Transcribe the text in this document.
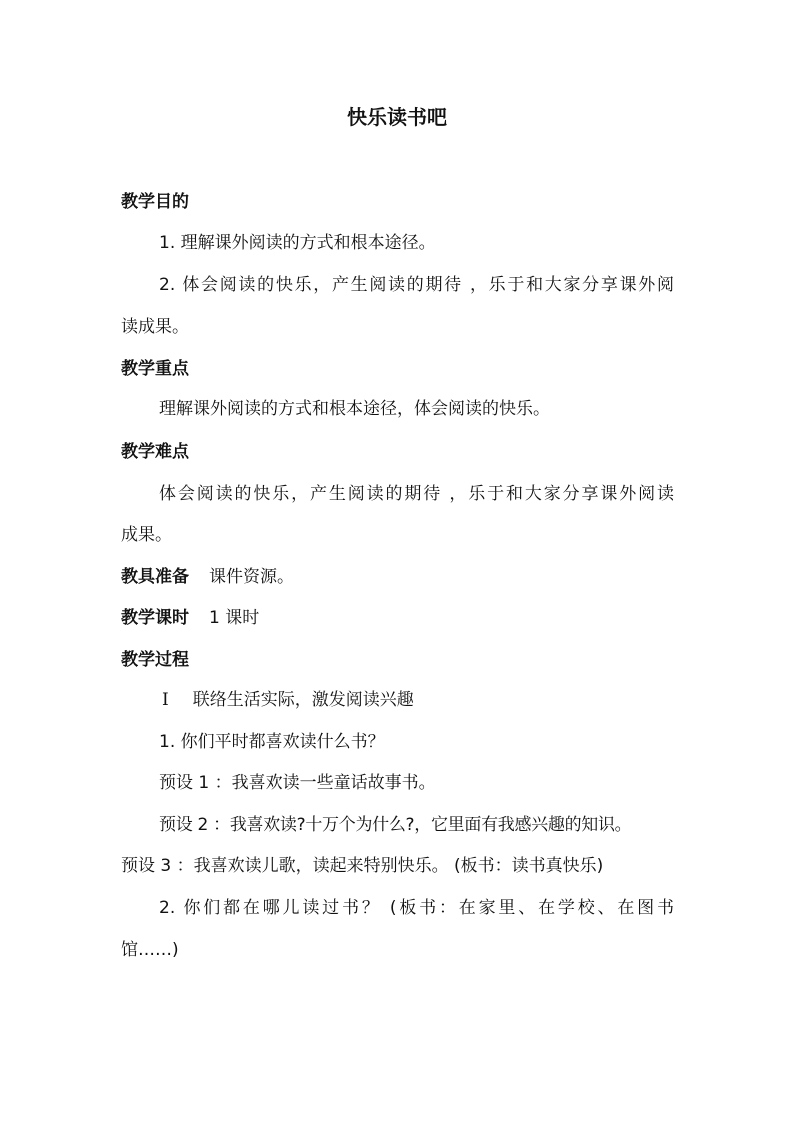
快乐读书吧
教学目的
1. 理解课外阅读的方式和根本途径。
2. 体会阅读的快乐，产生阅读的期待 ，乐于和大家分享课外阅
读成果。
教学重点
理解课外阅读的方式和根本途径，体会阅读的快乐。
教学难点
体会阅读的快乐，产生阅读的期待 ，乐于和大家分享课外阅读
成果。
教具准备 课件资源。
教学课时 1 课时
教学过程
Ⅰ 联络生活实际，激发阅读兴趣
1. 你们平时都喜欢读什么书？
预设 1 ：我喜欢读一些童话故事书。
预设 2 ：我喜欢读?十万个为什么?，它里面有我感兴趣的知识。
预设 3 ：我喜欢读儿歌，读起来特别快乐。 (板书：读书真快乐)
2. 你们都在哪儿读过书？ (板书：在家里、在学校、在图书
馆……)
